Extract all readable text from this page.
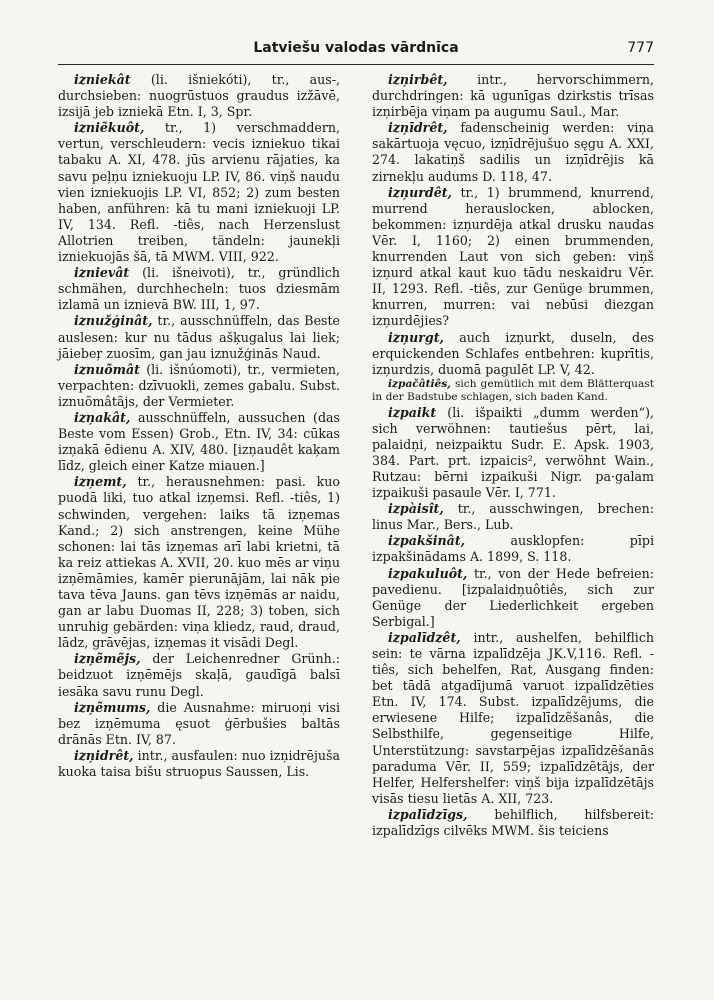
Latviešu valodas vārdnīca	777

izniekât (li. išniekóti), tr., aus-, durchsieben: nuogrūstuos graudus izžāvē, izsijā jeb izniekā Etn. I, 3, Spr.

izniẽkuôt, tr., 1) verschmaddern, vertun, verschleudern: vecis izniekuo tikai tabaku A. XI, 478. jūs arvienu rājaties, ka savu peļņu izniekuoju LP. IV, 86. viņš naudu vien izniekuojis LP. VI, 852; 2) zum besten haben, anführen: kā tu mani izniekuoji LP. IV, 134. Refl. -tiês, nach Herzenslust Allotrien treiben, tändeln: jaunekļi izniekuojās šā, tā MWM. VIII, 922.

iznievât (li. išneivoti), tr., gründlich schmähen, durchhecheln: tuos dziesmām izlamā un iznievā BW. III, 1, 97.

iznužģinât, tr., ausschnüffeln, das Beste auslesen: kur nu tādus ašķugalus lai liek; jāiebeŗ zuosīm, gan jau iznužģinās Naud.

iznuõmât (li. išnúomoti), tr., vermieten, verpachten: dzīvuokli, zemes gabalu. Subst. iznuõmâtãjs, der Vermieter.

izņakât, ausschnüffeln, aussuchen (das Beste vom Essen) Grob., Etn. IV, 34: cūkas izņakā ēdienu A. XIV, 480. [izņaudêt kaķam līdz, gleich einer Katze miauen.]

izņemt, tr., herausnehmen: pasi. kuo puodā liki, tuo atkal izņemsi. Refl. -tiês, 1) schwinden, vergehen: laiks tā izņemas Kand.; 2) sich anstrengen, keine Mühe schonen: lai tās izņemas arī labi krietni, tā ka reiz attiekas A. XVII, 20. kuo mēs ar viņu izņēmāmies, kamēr pierunājām, lai nāk pie tava tēva Jauns. gan tēvs izņēmās ar naidu, gan ar labu Duomas II, 228; 3) toben, sich unruhig gebärden: viņa kliedz, raud, draud, lādz, grāvējas, izņemas it visādi Degl.

izņẽmẽjs, der Leichenredner Grünh.: beidzuot izņēmējs skaļā, gaudīgā balsī iesāka savu runu Degl.

izņẽmums, die Ausnahme: miruoņi visi bez izņēmuma ęsuot ģērbušies baltās drānās Etn. IV, 87.

izņidrêt, intr., ausfaulen: nuo izņidrējuša kuoka taisa bišu struopus Saussen, Lis.

izņirbêt, intr., hervorschimmern, durchdringen: kā ugunīgas dzirkstis trīsas izņirbēja viņam pa augumu Saul., Mar.

izņīdrêt, fadenscheinig werden: viņa sakārtuoja vęcuo, izņīdrējušuo sęgu A. XXI, 274. lakatiņš sadilis un izņīdrējis kā zirnekļu audums D. 118, 47.

izņurdêt, tr., 1) brummend, knurrend, murrend herauslocken, ablocken, bekommen: izņurdēja atkal drusku naudas Vēr. I, 1160; 2) einen brummenden, knurrenden Laut von sich geben: viņš izņurd atkal kaut kuo tādu neskaidru Vēr. II, 1293. Refl. -tiês, zur Genüge brummen, knurren, murren: vai nebūsi diezgan izņurdējies?

izņurgt, auch izņurkt, duseln, des erquickenden Schlafes entbehren: kuprītis, izņurdzis, duomā pagulēt LP. V, 42.

izpačâtiês, sich gemütlich mit dem Blätterquast in der Badstube schlagen, sich baden Kand.

izpaikt (li. išpaikti „dumm werden“), sich verwöhnen: tautiešus pērt, lai, palaidņi, neizpaiktu Sudr. E. Apsk. 1903, 384. Part. prt. izpaicis², verwöhnt Wain., Rutzau: bērni izpaikuši Nigr. pa·galam izpaikuši pasaule Vēr. I, 771.

izpàisît, tr., ausschwingen, brechen: linus Mar., Bers., Lub.

izpakšinât,	ausklopfen: pīpi izpakšinādams A. 1899, S. 118.

izpakuluôt, tr., von der Hede befreien: pavedienu. [izpalaidņuôtiês, sich zur Genüge der Liederlichkeit ergeben Serbigal.]

izpalīdzêt, intr., aushelfen, behilflich sein: te vārna izpalīdzēja JK.V,116. Refl. -tiês, sich behelfen, Rat, Ausgang finden: bet tādā atgadījumā varuot izpalīdzēties Etn. IV, 174. Subst. izpalīdzẽjums, die erwiesene Hilfe; izpalīdzẽšanâs, die Selbsthilfe, gegenseitige Hilfe, Unterstützung: savstarpējas izpalīdzēšanās paraduma Vēr. II, 559; izpalīdzẽtãjs, der Helfer, Helfershelfer: viņš bija izpalīdzētājs visās tiesu lietās A. XII, 723.

izpalīdzīgs, behilflich, hilfsbereit: izpalīdzīgs cilvēks MWM. šis teiciens
